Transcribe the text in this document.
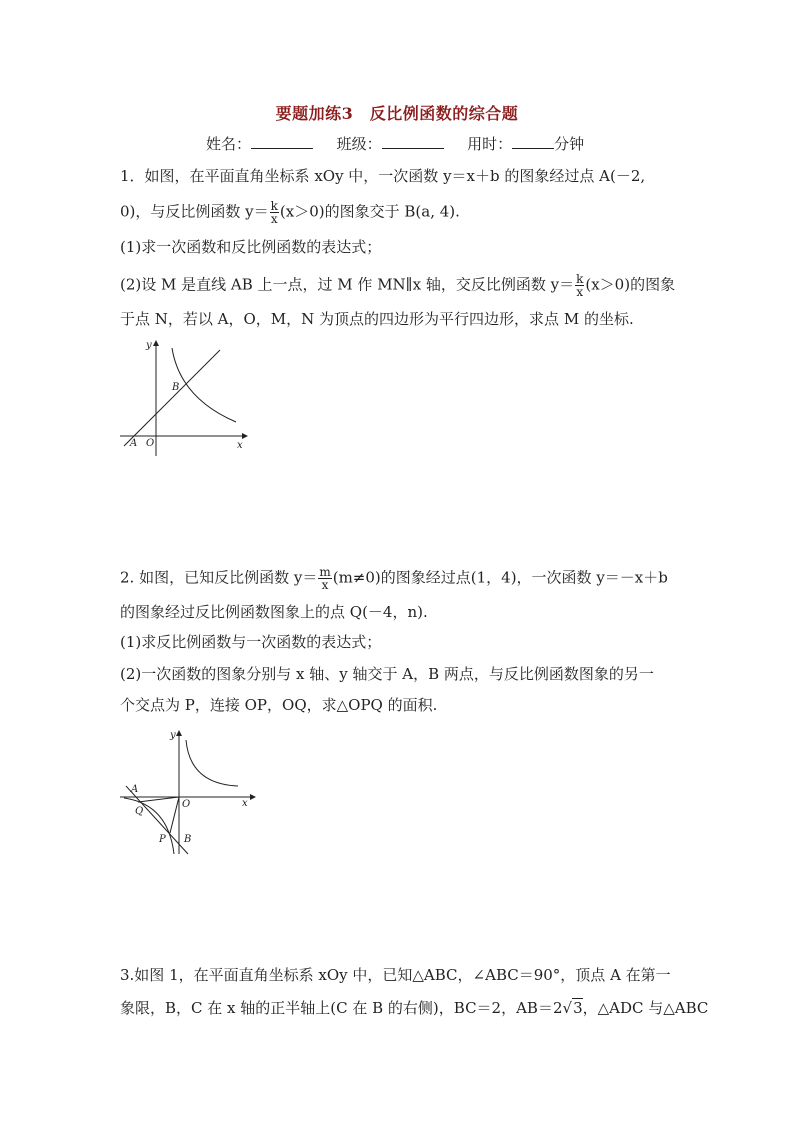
要题加练3　反比例函数的综合题
姓名：	班级：	用时：	分钟
1．如图，在平面直角坐标系 xOy 中，一次函数 y＝x＋b 的图象经过点 A(－2,
0)，与反比例函数 $y= \frac{k}{x} (x>0)$的图象交于 B(a, 4).
(1)求一次函数和反比例函数的表达式；
(2)设 M 是直线 AB 上一点，过 M 作 MN∥x 轴，交反比例函数 $y= \frac{k}{x} (x>0)$的图象
于点 N，若以 A，O，M，N 为顶点的四边形为平行四边形，求点 M 的坐标.
y
x
A O
B
2. 如图，已知反比例函数 $y= \frac{m}{x} (m\ne 0)$的图象经过点(1，4)，一次函数 y＝－x＋b
的图象经过反比例函数图象上的点 Q(－4，n).
(1)求反比例函数与一次函数的表达式；
(2)一次函数的图象分别与 x 轴、y 轴交于 A，B 两点，与反比例函数图象的另一
个交点为 P，连接 OP，OQ，求△OPQ 的面积.
y
x
A
O
Q
P B
3.如图 1，在平面直角坐标系 xOy 中，已知△ABC，∠ABC＝90°，顶点 A 在第一
象限，B，C 在 x 轴的正半轴上(C 在 B 的右侧)，BC＝2，AB＝2√3，△ADC 与△ABC
